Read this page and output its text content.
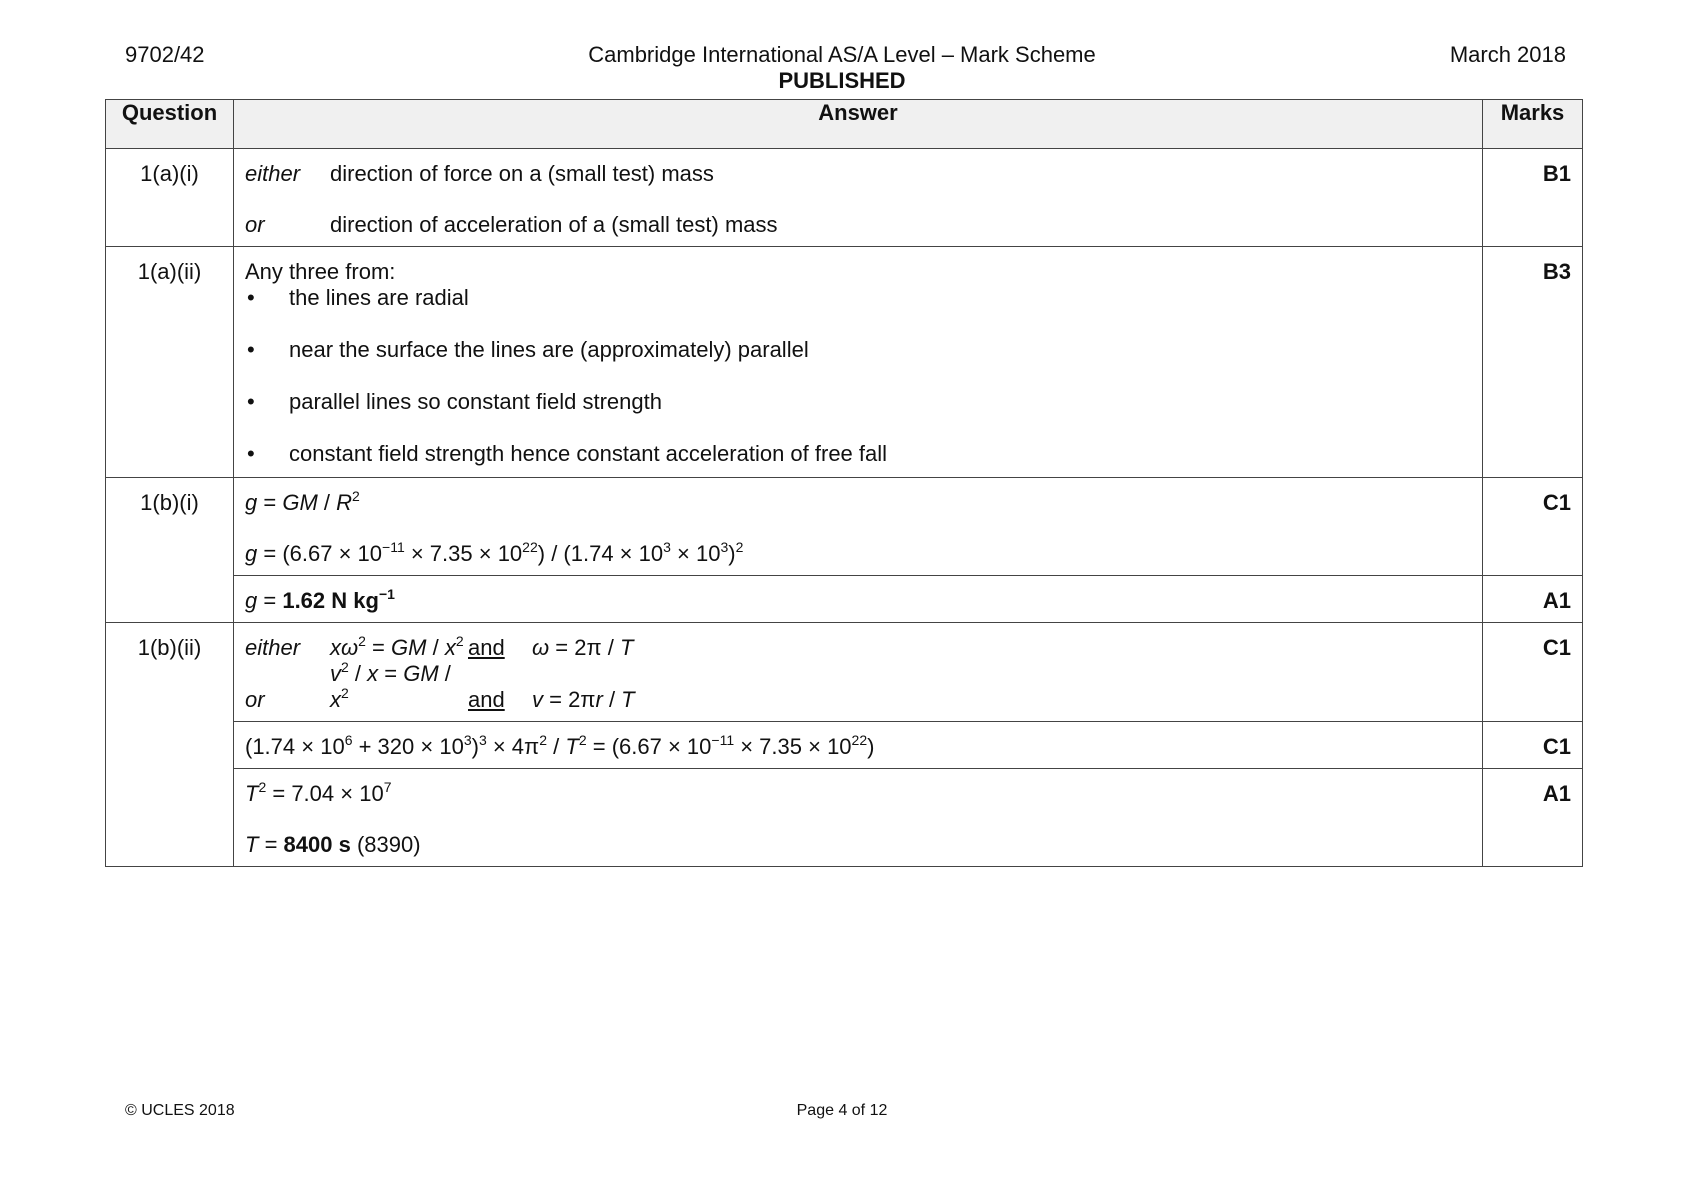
9702/42	Cambridge International AS/A Level – Mark Scheme
PUBLISHED
March 2018
Question	Answer	Marks
1(a)(i)	either direction of force on a (small test) mass
or direction of acceleration of a (small test) mass	B1
1(a)(ii)	Any three from:
• the lines are radial
• near the surface the lines are (approximately) parallel
• parallel lines so constant field strength
• constant field strength hence constant acceleration of free fall	B3
1(b)(i)	g = GM / $R^2$
$g = (6.67 \times 10^{-11} \times 7.35 \times 10^{22}) / (1.74 \times 10^3 \times 10^3)^2$	C1

	g = 1.62 N $kg^{-1}$	A1
1(b)(ii)	either $x\omega^2$ = GM / $x^2$ and ω = 2π / T
orv$^2$ / x = GM / $x^2$ and v = 2πr / T	C1

	$(1.74 \times 10^6 + 320 \times 10^3)^3 \times 4\pi^2 / T^2 = (6.67 \times 10^{-11} \times 7.35 \times 10^{22})$	C1

	$T^2 = 7.04 \times 10^7$
T = 8400 s (8390)	A1
© UCLES 2018	Page 4 of 12
